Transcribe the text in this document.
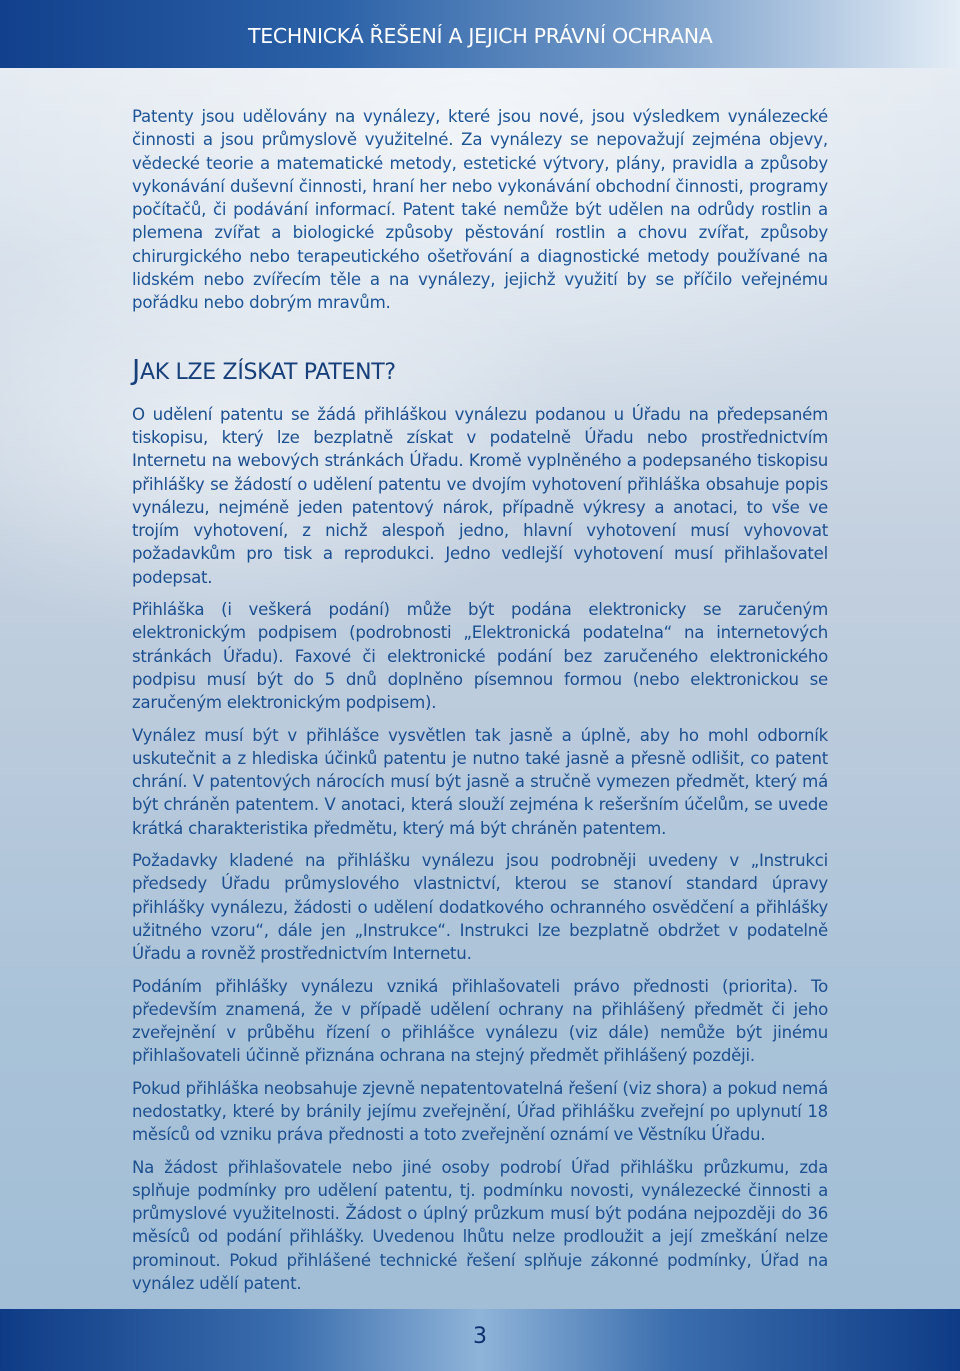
TECHNICKÁ ŘEŠENÍ A JEJICH PRÁVNÍ OCHRANA

Patenty jsou udělovány na vynálezy, které jsou nové, jsou výsledkem vynálezecké činnosti a jsou průmyslově využitelné. Za vynálezy se nepovažují zejména objevy, vědecké teorie a matematické metody, estetické výtvory, plány, pravidla a způsoby vykonávání duševní činnosti, hraní her nebo vykonávání obchodní činnosti, programy počítačů, či podávání informací. Patent také nemůže být udělen na odrůdy rostlin a plemena zvířat a biologické způsoby pěstování rostlin a chovu zvířat, způsoby chirurgického nebo terapeutického ošetřování a diagnostické metody používané na lidském nebo zvířecím těle a na vynálezy, jejichž využití by se příčilo veřejnému pořádku nebo dobrým mravům.

JAK LZE ZÍSKAT PATENT?

O udělení patentu se žádá přihláškou vynálezu podanou u Úřadu na předepsaném tiskopisu, který lze bezplatně získat v podatelně Úřadu nebo prostřednictvím Internetu na webových stránkách Úřadu. Kromě vyplněného a podepsaného tiskopisu přihlášky se žádostí o udělení patentu ve dvojím vyhotovení přihláška obsahuje popis vynálezu, nejméně jeden patentový nárok, případně výkresy a anotaci, to vše ve trojím vyhotovení, z nichž alespoň jedno, hlavní vyhotovení musí vyhovovat požadavkům pro tisk a reprodukci. Jedno vedlejší vyhotovení musí přihlašovatel podepsat.

Přihláška (i veškerá podání) může být podána elektronicky se zaručeným elektronickým podpisem (podrobnosti „Elektronická podatelna“ na internetových stránkách Úřadu). Faxové či elektronické podání bez zaručeného elektronického podpisu musí být do 5 dnů doplněno písemnou formou (nebo elektronickou se zaručeným elektronickým podpisem).

Vynález musí být v přihlášce vysvětlen tak jasně a úplně, aby ho mohl odborník uskutečnit a z hlediska účinků patentu je nutno také jasně a přesně odlišit, co patent chrání. V patentových nárocích musí být jasně a stručně vymezen předmět, který má být chráněn patentem. V anotaci, která slouží zejména k rešeršním účelům, se uvede krátká charakteristika předmětu, který má být chráněn patentem.

Požadavky kladené na přihlášku vynálezu jsou podrobněji uvedeny v „Instrukci předsedy Úřadu průmyslového vlastnictví, kterou se stanoví standard úpravy přihlášky vynálezu, žádosti o udělení dodatkového ochranného osvědčení a přihlášky užitného vzoru“, dále jen „Instrukce“. Instrukci lze bezplatně obdržet v podatelně Úřadu a rovněž prostřednictvím Internetu.

Podáním přihlášky vynálezu vzniká přihlašovateli právo přednosti (priorita). To především znamená, že v případě udělení ochrany na přihlášený předmět či jeho zveřejnění v průběhu řízení o přihlášce vynálezu (viz dále) nemůže být jinému přihlašovateli účinně přiznána ochrana na stejný předmět přihlášený později.

Pokud přihláška neobsahuje zjevně nepatentovatelná řešení (viz shora) a pokud nemá nedostatky, které by bránily jejímu zveřejnění, Úřad přihlášku zveřejní po uplynutí 18 měsíců od vzniku práva přednosti a toto zveřejnění oznámí ve Věstníku Úřadu.

Na žádost přihlašovatele nebo jiné osoby podrobí Úřad přihlášku průzkumu, zda splňuje podmínky pro udělení patentu, tj. podmínku novosti, vynálezecké činnosti a průmyslové využitelnosti. Žádost o úplný průzkum musí být podána nejpozději do 36 měsíců od podání přihlášky. Uvedenou lhůtu nelze prodloužit a její zmeškání nelze prominout. Pokud přihlášené technické řešení splňuje zákonné podmínky, Úřad na vynález udělí patent.

3
